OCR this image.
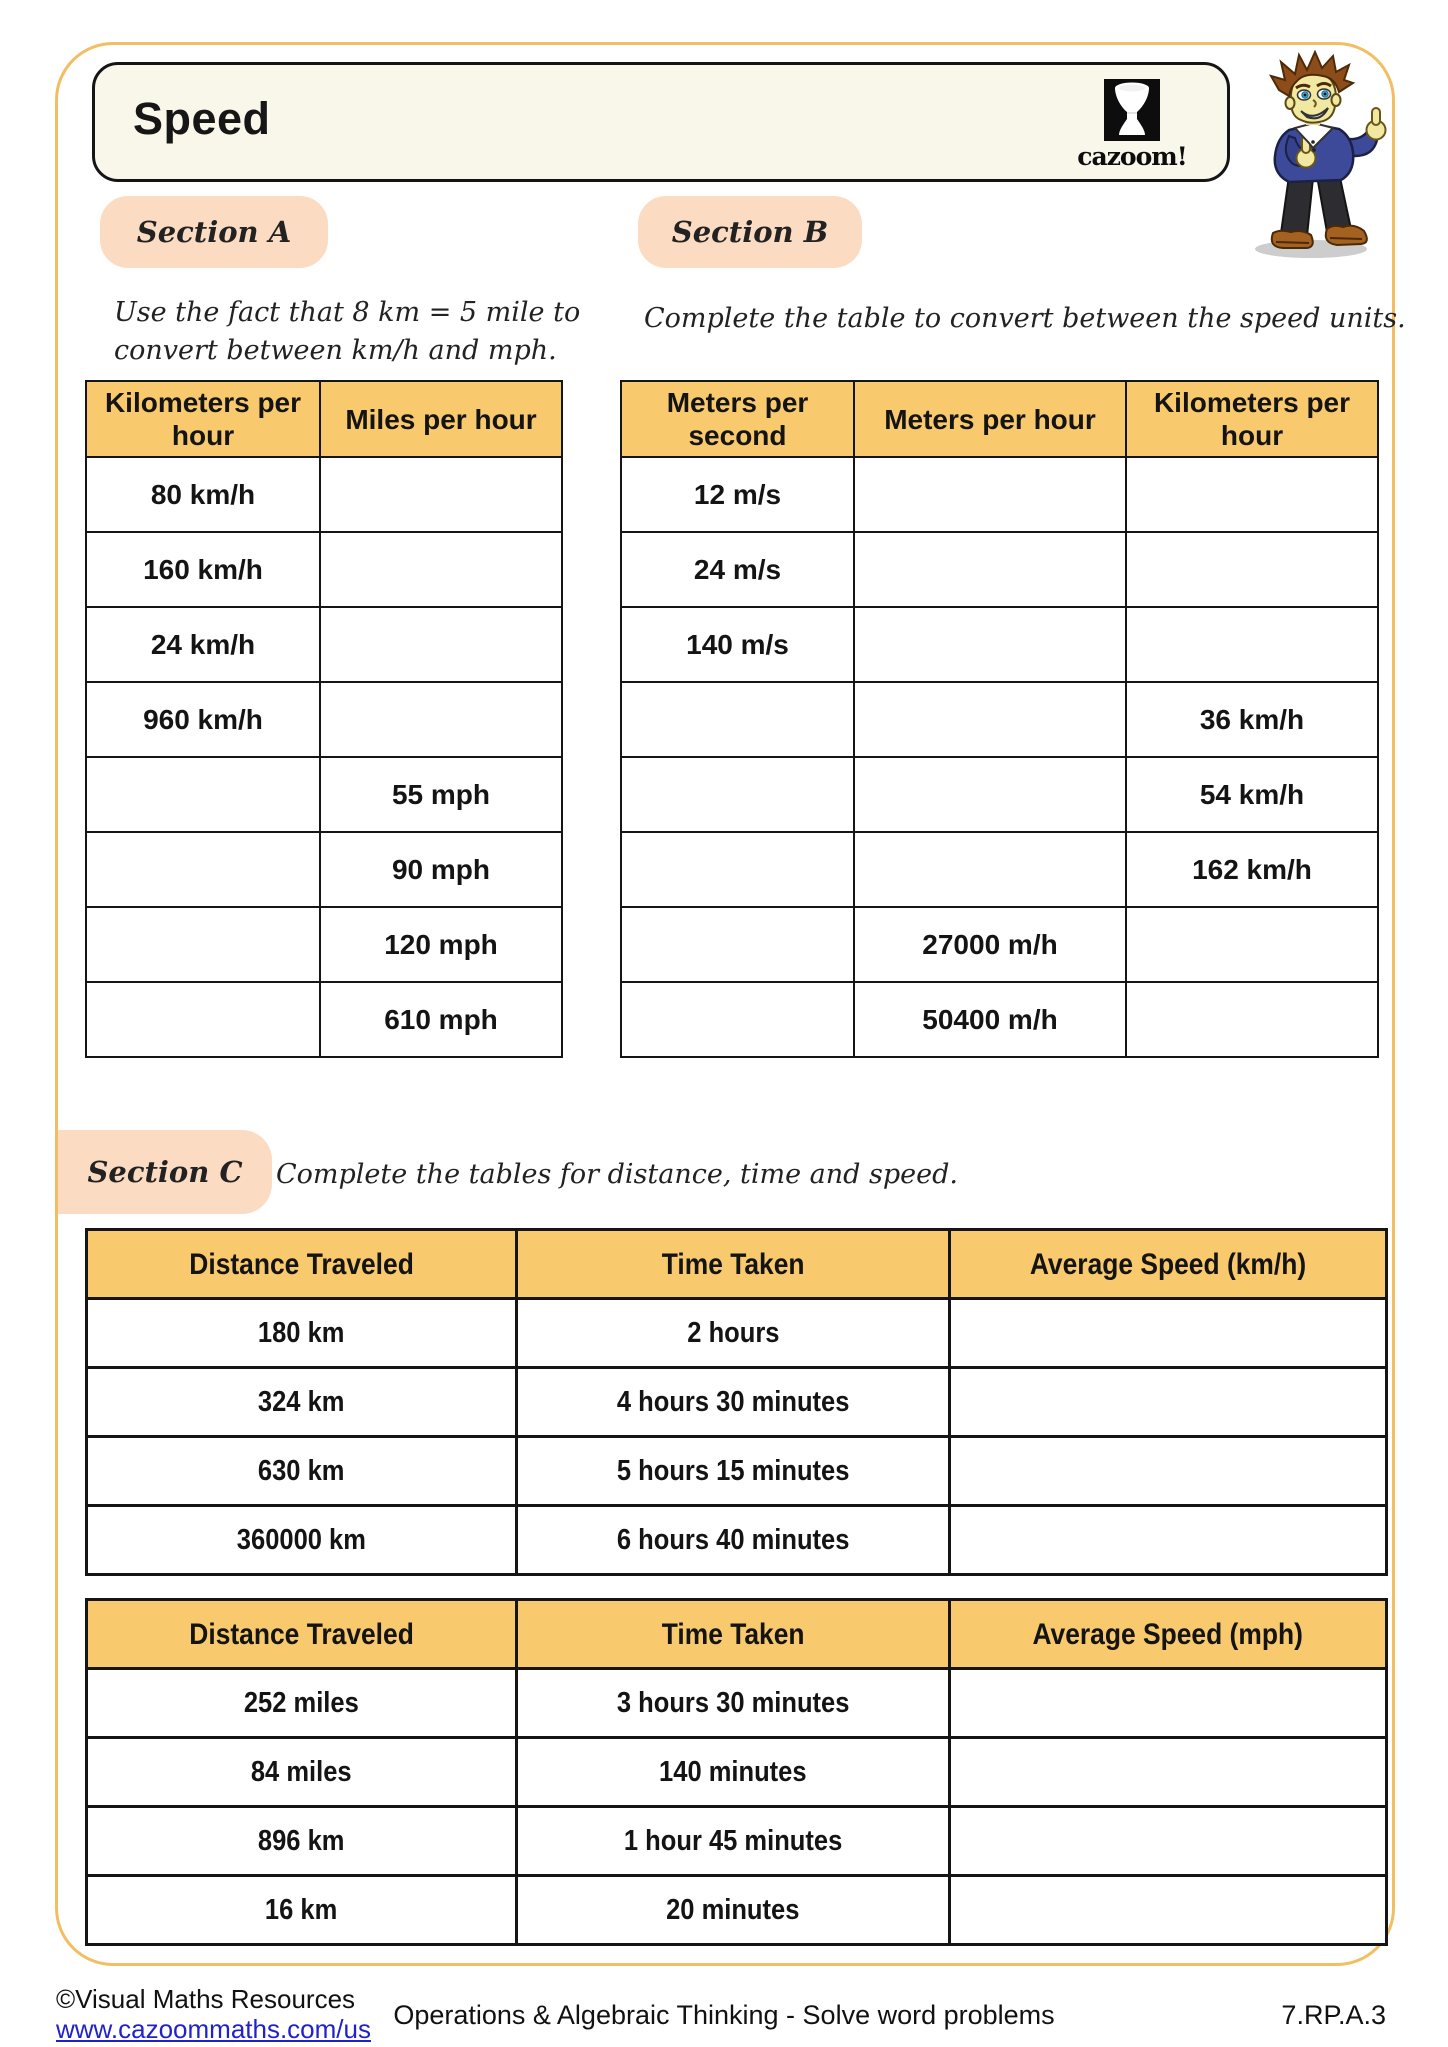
Speed
cazoom!
Section A	Section B
Section C
Use the fact that 8 km = 5 mile to
convert between km/h and mph.
Complete the table to convert between the speed units.
Complete the tables for distance, time and speed.
Kilometers per hour	Miles per hour
80 km/h	
160 km/h	
24 km/h	
960 km/h	
	55 mph
	90 mph
	120 mph
	610 mph
Meters per second	Meters per hour	Kilometers per hour
12 m/s		
24 m/s		
140 m/s		
		36 km/h
		54 km/h
		162 km/h
	27000 m/h	
	50400 m/h	
Distance Traveled	Time Taken	Average Speed (km/h)
180 km	2 hours	
324 km	4 hours 30 minutes	
630 km	5 hours 15 minutes	
360000 km	6 hours 40 minutes	
Distance Traveled	Time Taken	Average Speed (mph)
252 miles	3 hours 30 minutes	
84 miles	140 minutes	
896 km	1 hour 45 minutes	
16 km	20 minutes	
©Visual Maths Resources
www.cazoommaths.com/us Operations & Algebraic Thinking - Solve word problems	7.RP.A.3
